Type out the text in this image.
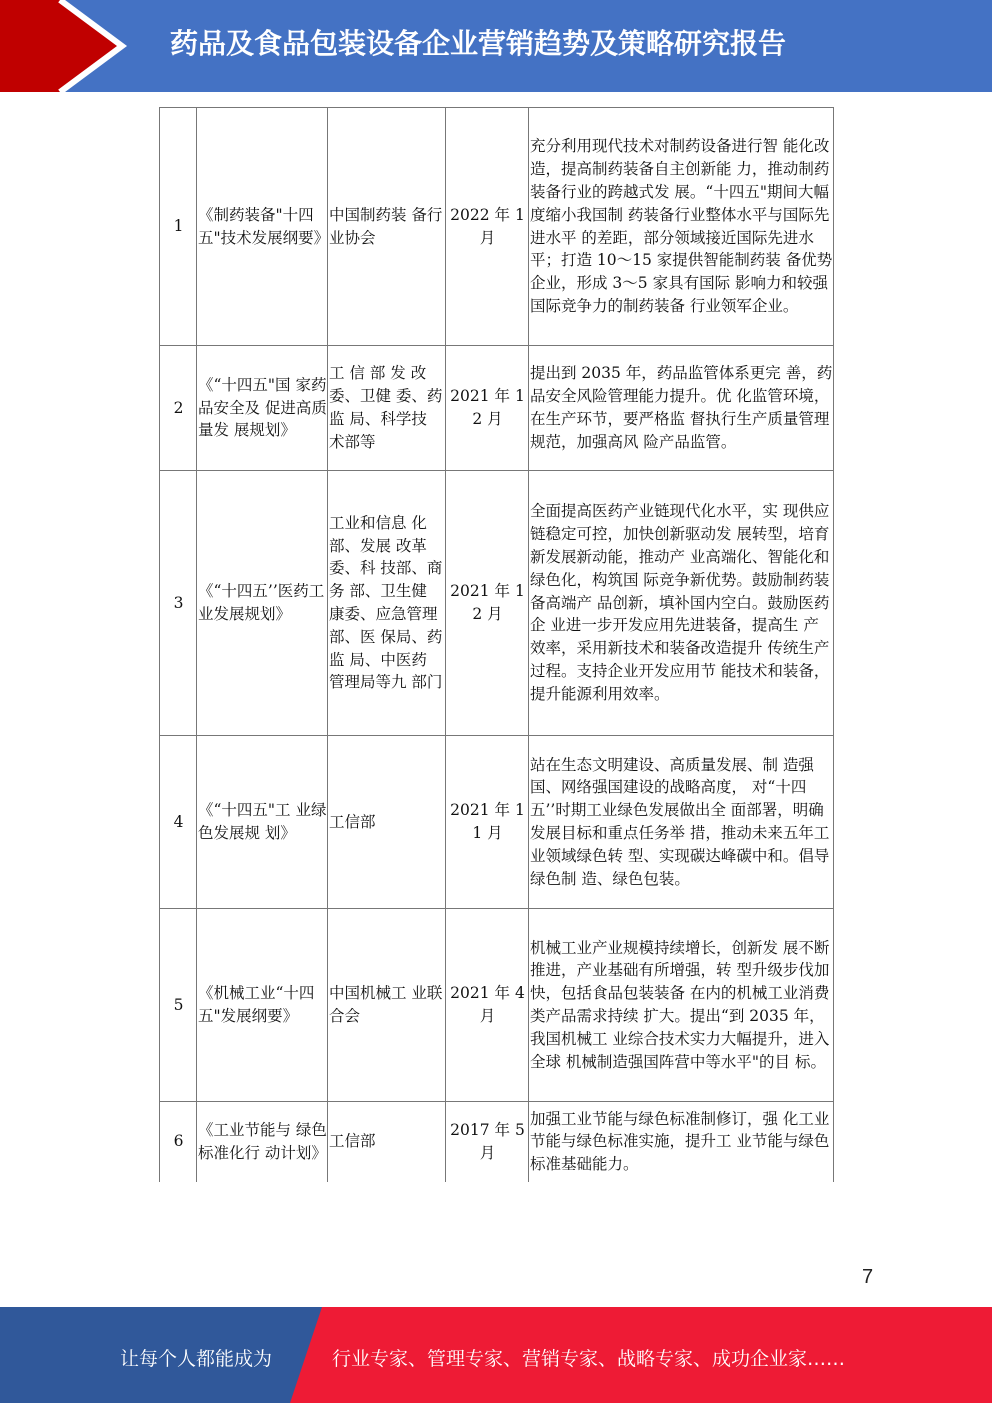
药品及食品包装设备企业营销趋势及策略研究报告
1	《制药装备"十四五"技术发展纲要》	中国制药装 备行业协会	2022 年 1 月	充分利用现代技术对制药设备进行智 能化改造，提高制药装备自主创新能 力，推动制药装备行业的跨越式发 展。“十四五"期间大幅度缩小我国制 药装备行业整体水平与国际先进水平 的差距，部分领域接近国际先进水 平；打造 10～15 家提供智能制药装 备优势企业，形成 3～5 家具有国际 影响力和较强国际竞争力的制药装备 行业领军企业。
2	《“十四五"国 家药品安全及 促进高质量发 展规划》	工 信 部 发 改 委、卫健 委、药监 局、科学技 术部等	2021 年 12 月	提出到 2035 年，药品监管体系更完 善，药品安全风险管理能力提升。优 化监管环境，在生产环节，要严格监 督执行生产质量管理规范，加强高风 险产品监管。
3	《“十四五’’医药工业发展规划》	工业和信息 化部、发展 改革委、科 技部、商务 部、卫生健 康委、应急管理部、医 保局、药监 局、中医药 管理局等九 部门	2021 年 12 月	全面提高医药产业链现代化水平，实 现供应链稳定可控，加快创新驱动发 展转型，培育新发展新动能，推动产 业高端化、智能化和绿色化，构筑国 际竞争新优势。鼓励制药装备高端产 品创新，填补国内空白。鼓励医药企 业进一步开发应用先进装备，提高生 产效率，采用新技术和装备改造提升 传统生产过程。支持企业开发应用节 能技术和装备，提升能源利用效率。
4	《“十四五"工 业绿色发展规 划》	工信部	2021 年 11 月	站在生态文明建设、高质量发展、制 造强国、网络强国建设的战略高度， 对“十四五’’时期工业绿色发展做出全 面部署，明确发展目标和重点任务举 措，推动未来五年工业领域绿色转 型、实现碳达峰碳中和。倡导绿色制 造、绿色包装。
5	《机械工业“十四五"发展纲要》	中国机械工 业联合会	2021 年 4 月	机械工业产业规模持续增长，创新发 展不断推进，产业基础有所增强，转 型升级步伐加快，包括食品包装装备 在内的机械工业消费类产品需求持续 扩大。提出“到 2035 年，我国机械工 业综合技术实力大幅提升，进入全球 机械制造强国阵营中等水平"的目 标。
6	《工业节能与 绿色标准化行 动计划》	工信部	2017 年 5 月	加强工业节能与绿色标准制修订，强 化工业节能与绿色标准实施，提升工 业节能与绿色标准基础能力。
7
让每个人都能成为	行业专家、管理专家、营销专家、战略专家、成功企业家……
